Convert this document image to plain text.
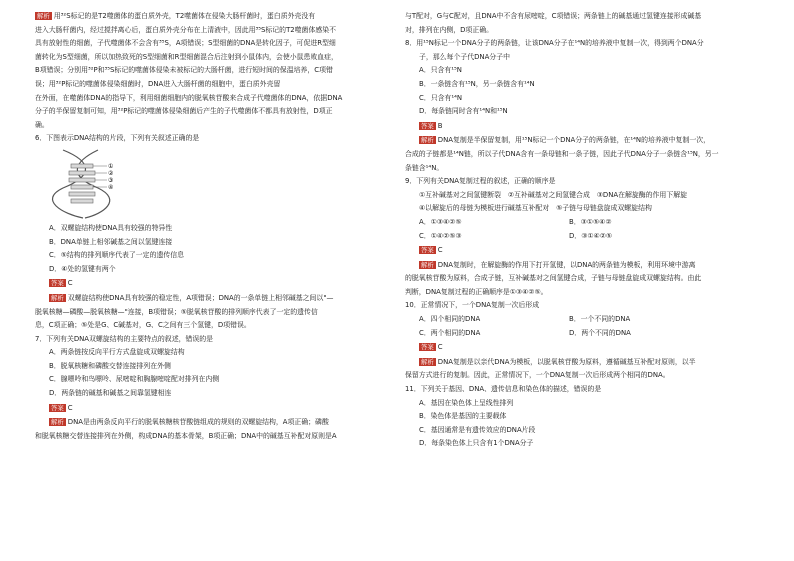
解析 用³²S标记的是T2噬菌体的蛋白质外壳，T2噬菌体在侵染大肠杆菌时，蛋白质外壳没有
进入大肠杆菌内，经过搅拌离心后，蛋白质外壳分布在上清液中，因此用³⁵S标记的T2噬菌体感染不
具有放射性的细菌，子代噬菌体不会含有³⁵S，A项错误；S型细菌的DNA是转化因子，可促进R型细
菌转化为S型细菌，所以加热致死的S型细菌和R型细菌混合后注射到小鼠体内，会使小鼠患败血症，
B项错误；分别用³²P和³⁵S标记的噬菌体侵染未被标记的大肠杆菌，进行短时间的保温培养，C项错
误；用³²P标记的噬菌体侵染细菌时，DNA进入大肠杆菌的细胞中，蛋白质外壳留
在外面，在噬菌体DNA的指导下，利用细菌细胞内的脱氧核苷酸来合成子代噬菌体的DNA，依据DNA
分子的半保留复制可知，用³²P标记的噬菌体侵染细菌后产生的子代噬菌体不都具有放射性，D项正
确。
6．下图表示DNA结构的片段，下列有关叙述正确的是
①
②
③
④
A．双螺旋结构使DNA具有较强的特异性
B．DNA单链上相邻碱基之间以氢键连接
C．⑤结构的排列顺序代表了一定的遗传信息
D．④处的氢键有两个
答案 C
解析 双螺旋结构使DNA具有较强的稳定性，A项错误；DNA的一条单链上相邻碱基之间以"—
脱氧核糖—磷酸—脱氧核糖—"连接，B项错误；⑤脱氧核苷酸的排列顺序代表了一定的遗传信
息，C项正确；⑤处是G、C碱基对，G、C之间有三个氢键，D项错误。
7．下列有关DNA双螺旋结构的主要特点的叙述，错误的是
A．两条链按反向平行方式盘旋成双螺旋结构
B．脱氧核糖和磷酸交替连接排列在外侧
C．腺嘌呤和鸟嘌呤、尿嘧啶和胸腺嘧啶配对排列在内侧
D．两条链的碱基和碱基之间靠氢键相连
答案 C
解析 DNA是由两条反向平行的脱氧核糖核苷酸链组成的规则的双螺旋结构，A项正确；磷酸
和脱氧核糖交替连接排列在外侧，构成DNA的基本骨架，B项正确；DNA中的碱基互补配对原则是A
与T配对，G与C配对，且DNA中不含有尿嘧啶，C项错误；两条链上的碱基通过氢键连接形成碱基
对，排列在内侧，D项正确。
8．用¹⁵N标记一个DNA分子的两条链，让该DNA分子在¹⁴N的培养液中复制一次，得到两个DNA分
子，那么每个子代DNA分子中
A．只含有¹⁵N
B．一条链含有¹⁵N，另一条链含有¹⁴N
C．只含有¹⁴N
D．每条链同时含有¹⁴N和¹⁵N
答案 B
解析 DNA复制是半保留复制，用¹⁵N标记一个DNA分子的两条链，在¹⁴N的培养液中复制一次，
合成的子链都是¹⁴N链，所以子代DNA含有一条母链和一条子链，因此子代DNA分子一条链含¹⁵N，另一
条链含¹⁴N。
9．下列有关DNA复制过程的叙述，正确的顺序是
①互补碱基对之间氢键断裂　②互补碱基对之间氢键合成　③DNA在解旋酶的作用下解旋
④以解旋后的母链为模板进行碱基互补配对　⑤子链与母链盘旋成双螺旋结构
A．①③④②⑤	B．③①⑤④②
C．①④②⑤③	D．③①④②⑤
答案 C
解析 DNA复制时，在解旋酶的作用下打开氢键，以DNA的两条链为模板，利用环境中游离
的脱氧核苷酸为原料，合成子链，互补碱基对之间氢键合成，子链与母链盘旋成双螺旋结构。由此
判断，DNA复制过程的正确顺序是①③④②⑤。
10．正常情况下，一个DNA复制一次后形成
A．四个相同的DNA	B．一个不同的DNA
C．两个相同的DNA	D．两个不同的DNA
答案 C
解析 DNA复制是以亲代DNA为模板，以脱氧核苷酸为原料，遵循碱基互补配对原则，以半
保留方式进行的复制。因此，正常情况下，一个DNA复制一次后形成两个相同的DNA。
11．下列关于基因、DNA、遗传信息和染色体的描述，错误的是
A．基因在染色体上呈线性排列
B．染色体是基因的主要载体
C．基因通常是有遗传效应的DNA片段
D．每条染色体上只含有1个DNA分子
